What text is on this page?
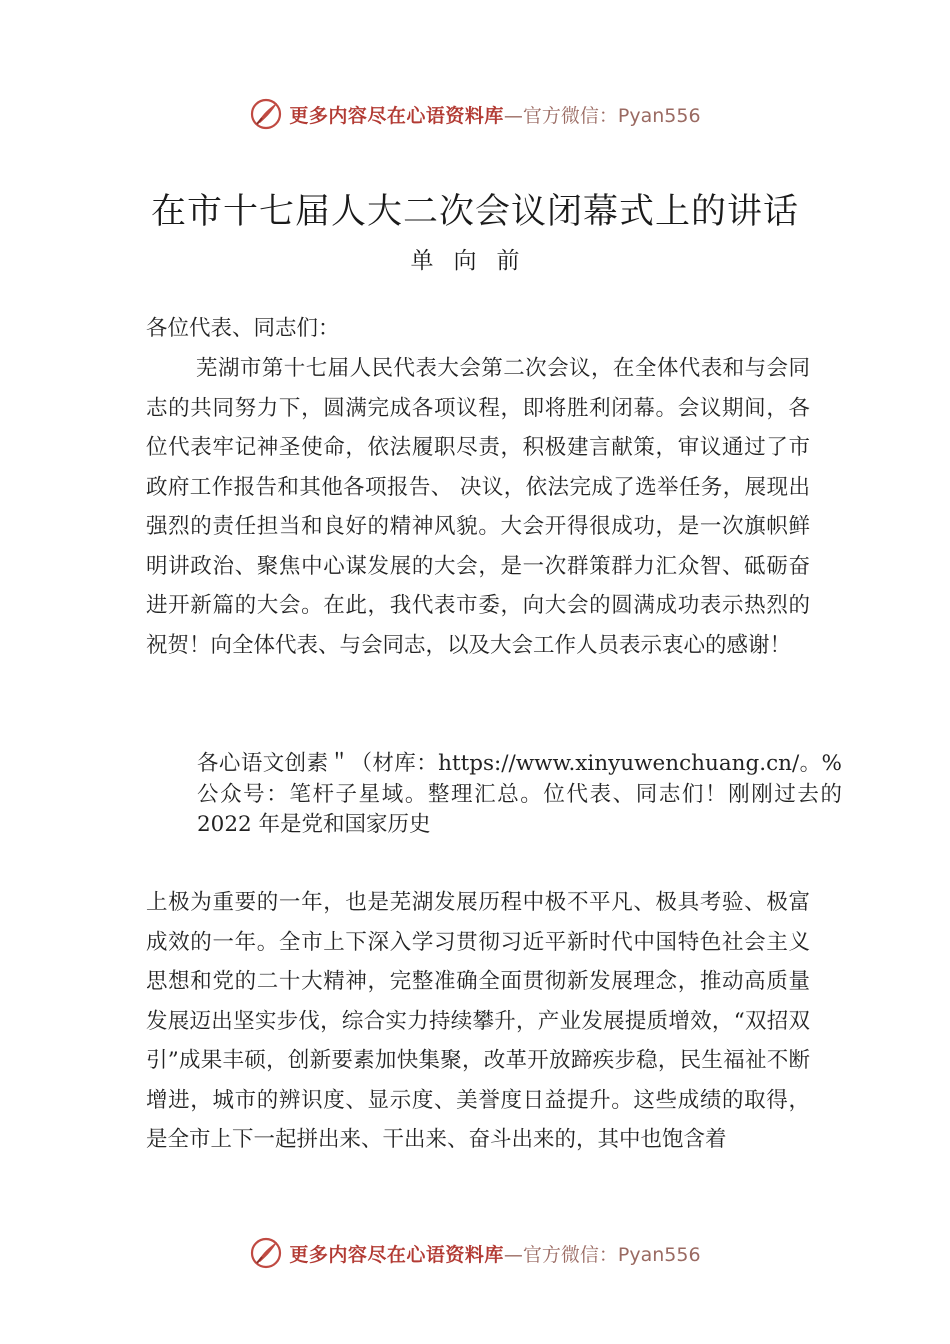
更多内容尽在心语资料库 —官方微信：Pyan556
在市十七届人大二次会议闭幕式上的讲话
单向前
各位代表、同志们：
芜湖市第十七届人民代表大会第二次会议，在全体代表和与会同志的共同努力下，圆满完成各项议程，即将胜利闭幕。会议期间，各位代表牢记神圣使命，依法履职尽责，积极建言献策，审议通过了市政府工作报告和其他各项报告、 决议，依法完成了选举任务，展现出强烈的责任担当和良好的精神风貌。大会开得很成功，是一次旗帜鲜明讲政治、聚焦中心谋发展的大会，是一次群策群力汇众智、砥砺奋进开新篇的大会。在此，我代表市委，向大会的圆满成功表示热烈的祝贺！向全体代表、与会同志，以及大会工作人员表示衷心的感谢！
各心语文创素＂（材库：https://www.xinyuwenchuang.cn/。%公众号：笔杆子星域。整理汇总。位代表、同志们！刚刚过去的 2022 年是党和国家历史
上极为重要的一年，也是芜湖发展历程中极不平凡、极具考验、极富成效的一年。全市上下深入学习贯彻习近平新时代中国特色社会主义思想和党的二十大精神，完整准确全面贯彻新发展理念，推动高质量发展迈出坚实步伐，综合实力持续攀升，产业发展提质增效，“双招双引”成果丰硕，创新要素加快集聚，改革开放蹄疾步稳，民生福祉不断增进，城市的辨识度、显示度、美誉度日益提升。这些成绩的取得，是全市上下一起拼出来、干出来、奋斗出来的，其中也饱含着
更多内容尽在心语资料库 —官方微信：Pyan556
